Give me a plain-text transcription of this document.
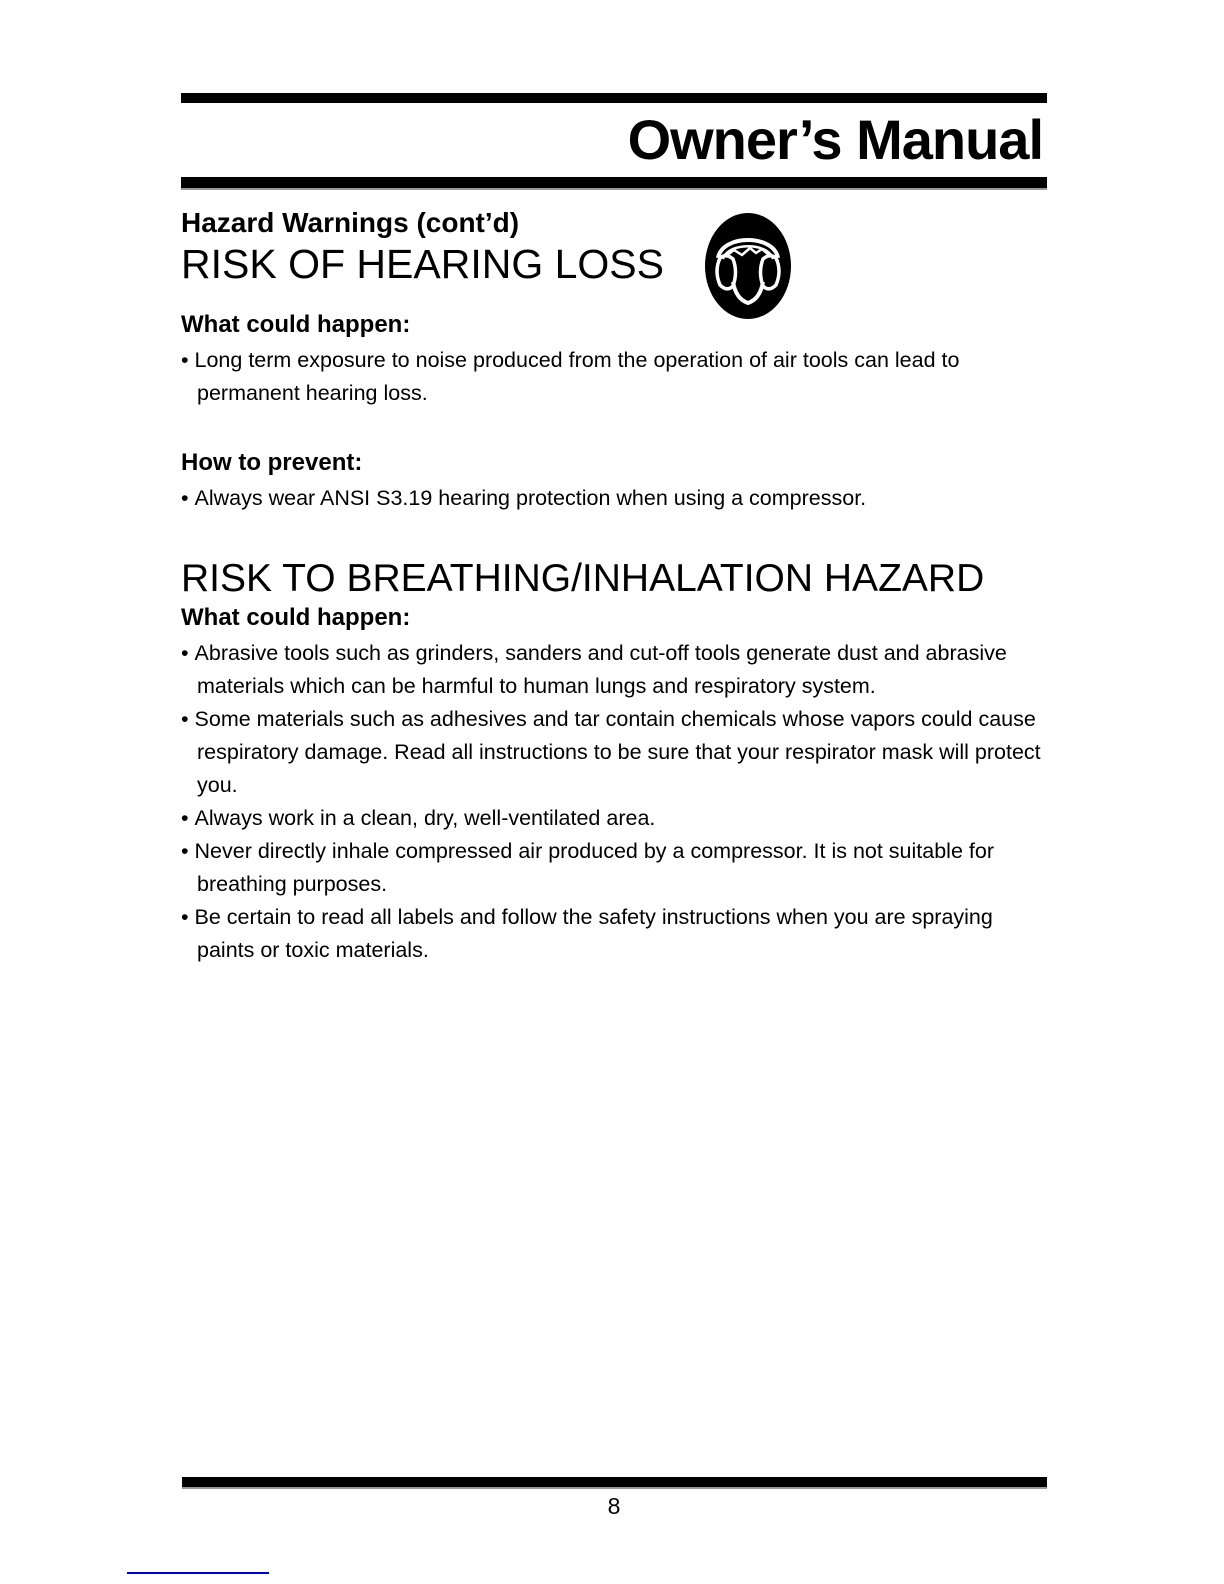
Owner’s Manual
Hazard Warnings (cont’d)
RISK OF HEARING LOSS
What could happen:
• Long term exposure to noise produced from the operation of air tools can lead to permanent hearing loss.
How to prevent:
• Always wear ANSI S3.19 hearing protection when using a compressor.
RISK TO BREATHING/INHALATION HAZARD
What could happen:
• Abrasive tools such as grinders, sanders and cut-off tools generate dust and abrasive materials which can be harmful to human lungs and respiratory system.
• Some materials such as adhesives and tar contain chemicals whose vapors could cause respiratory damage. Read all instructions to be sure that your respirator mask will protect you.
• Always work in a clean, dry, well-ventilated area.
• Never directly inhale compressed air produced by a compressor. It is not suitable for breathing purposes.
• Be certain to read all labels and follow the safety instructions when you are spraying paints or toxic materials.
8
